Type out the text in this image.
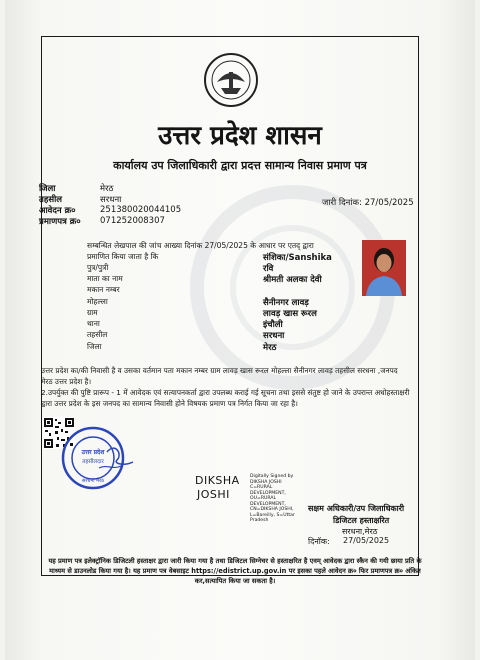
उत्तर प्रदेश शासन
कार्यालय उप जिलाधिकारी द्वारा प्रदत्त सामान्य निवास प्रमाण पत्र
जिला	मेरठ
तहसील	सरधना
आवेदन क्र०	251380020044105
प्रमाणपत्र क्र० 071252008307
जारी दिनांक: 27/05/2025
सम्बन्धित लेखपाल की जांच आख्या दिनांक 27/05/2025 के आधार पर एतद् द्वारा
प्रमाणित किया जाता है कि	संशिका/Sanshika
पुत्र/पुत्री	रवि
माता का नाम	श्रीमती अलका देवी
मकान नम्बर
मोहल्ला	सैनीनगर लावड़
ग्राम	लावड़ खास रूरल
थाना	इंचौली
तहसील	सरधना
जिला	मेरठ
उत्तर प्रदेश का/की निवासी है व उसका वर्तमान पता मकान नम्बर ग्राम लावड़ खास रूरल मोहल्ला सैनीनगर लावड़ तहसील सरधना ,जनपद मेरठ उत्तर प्रदेश है।
2.उपर्युक्त की पुष्टि प्रारूप - 1 में आवेदक एवं सत्यापनकर्ता द्वारा उपलब्ध कराई गई सूचना तथा इससे संतुष्ट हो जाने के उपरान्त अधोहस्ताक्षरी द्वारा उत्तर प्रदेश के इस जनपद का सामान्य निवासी होने विषयक प्रमाण पत्र निर्गत किया जा रहा है।
उत्तर प्रदेश
तहसीलदार
सरधना मेरठ	DIKSHA
JOSHI
Digitally Signed by
DIKSHA JOSHI
C=RURAL
DEVELOPMENT,
OU=RURAL
DEVELOPMENT,
CN=DIKSHA JOSHI,
L=Bareilly, S=Uttar
Pradesh
सक्षम अधिकारी/उप जिलाधिकारी
डिजिटल हस्ताक्षरित
सरधना,मेरठ
दिनॉक: 27/05/2025
यह प्रमाण पत्र इलेक्ट्रॉनिक डिजिटली हस्ताक्षर द्वारा जारी किया गया है तथा डिजिटल सिग्नेचर से हस्ताक्षरित है एवम् आवेदक द्वारा स्कैन की गयी छाया प्रति के माध्यम से डाउनलोड किया गया है। यह प्रमाण पत्र वेबसाइट https://edistrict.up.gov.in पर इसका पहले आवेदन क्र० फिर प्रमाणपत्र क्र० अंकित कर,सत्यापित किया जा सकता है।
